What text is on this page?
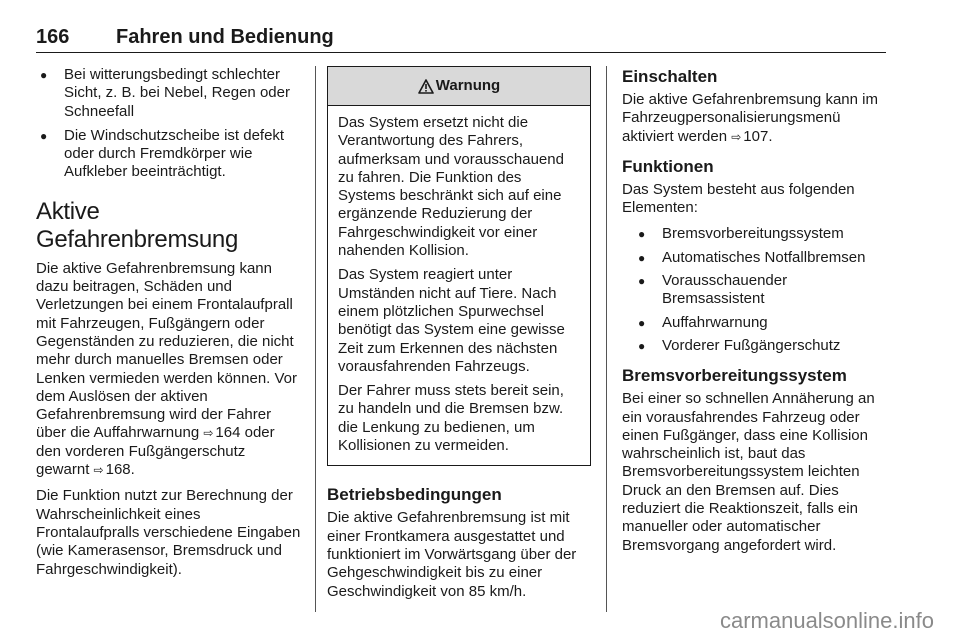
166 Fahren und Bedienung
● Bei witterungsbedingt schlechter Sicht, z. B. bei Nebel, Regen oder Schneefall
● Die Windschutzscheibe ist defekt oder durch Fremdkörper wie Aufkleber beeinträchtigt.
Aktive Gefahrenbremsung

Die aktive Gefahrenbremsung kann dazu beitragen, Schäden und Verletzungen bei einem Frontalaufprall mit Fahrzeugen, Fußgängern oder Gegenständen zu reduzieren, die nicht mehr durch manuelles Bremsen oder Lenken vermieden werden können. Vor dem Auslösen der aktiven Gefahrenbremsung wird der Fahrer über die Auffahrwarnung ⇨ 164 oder den vorderen Fußgängerschutz gewarnt ⇨ 168.

Die Funktion nutzt zur Berechnung der Wahrscheinlichkeit eines Frontalaufpralls verschiedene Eingaben (wie Kamerasensor, Bremsdruck und Fahrgeschwindigkeit).

Warnung

Das System ersetzt nicht die Verantwortung des Fahrers, aufmerksam und vorausschauend zu fahren. Die Funktion des Systems beschränkt sich auf eine ergänzende Reduzierung der Fahrgeschwindigkeit vor einer nahenden Kollision.

Das System reagiert unter Umständen nicht auf Tiere. Nach einem plötzlichen Spurwechsel benötigt das System eine gewisse Zeit zum Erkennen des nächsten vorausfahrenden Fahrzeugs.

Der Fahrer muss stets bereit sein, zu handeln und die Bremsen bzw. die Lenkung zu bedienen, um Kollisionen zu vermeiden.

Betriebsbedingungen

Die aktive Gefahrenbremsung ist mit einer Frontkamera ausgestattet und funktioniert im Vorwärtsgang über der Gehgeschwindigkeit bis zu einer Geschwindigkeit von 85 km/h.

Einschalten

Die aktive Gefahrenbremsung kann im Fahrzeugpersonalisierungsmenü aktiviert werden ⇨ 107.

Funktionen

Das System besteht aus folgenden Elementen:

● Bremsvorbereitungssystem
● Automatisches Notfallbremsen
● Vorausschauender Bremsassistent
● Auffahrwarnung
● Vorderer Fußgängerschutz
Bremsvorbereitungssystem

Bei einer so schnellen Annäherung an ein vorausfahrendes Fahrzeug oder einen Fußgänger, dass eine Kollision wahrscheinlich ist, baut das Bremsvorbereitungssystem leichten Druck an den Bremsen auf. Dies reduziert die Reaktionszeit, falls ein manueller oder automatischer Bremsvorgang angefordert wird.

carmanualsonline.info
